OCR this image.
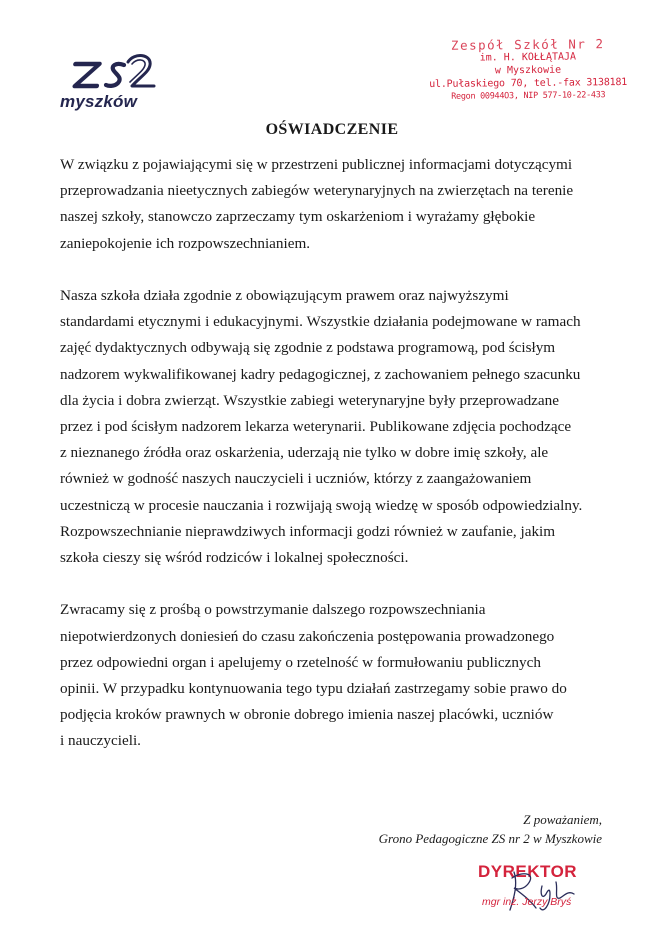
myszków
Zespół Szkół Nr 2
im. H. KOŁŁĄTAJA
w Myszkowie
ul.Pułaskiego 70, tel.-fax 3138181
Regon 00944O3, NIP 577-10-22-433
OŚWIADCZENIE

W związku z pojawiającymi się w przestrzeni publicznej informacjami dotyczącymi
przeprowadzania nieetycznych zabiegów weterynaryjnych na zwierzętach na terenie
naszej szkoły, stanowczo zaprzeczamy tym oskarżeniom i wyrażamy głębokie
zaniepokojenie ich rozpowszechnianiem.

Nasza szkoła działa zgodnie z obowiązującym prawem oraz najwyższymi
standardami etycznymi i edukacyjnymi. Wszystkie działania podejmowane w ramach
zajęć dydaktycznych odbywają się zgodnie z podstawa programową, pod ścisłym
nadzorem wykwalifikowanej kadry pedagogicznej, z zachowaniem pełnego szacunku
dla życia i dobra zwierząt. Wszystkie zabiegi weterynaryjne były przeprowadzane
przez i pod ścisłym nadzorem lekarza weterynarii. Publikowane zdjęcia pochodzące
z nieznanego źródła oraz oskarżenia, uderzają nie tylko w dobre imię szkoły, ale
również w godność naszych nauczycieli i uczniów, którzy z zaangażowaniem
uczestniczą w procesie nauczania i rozwijają swoją wiedzę w sposób odpowiedzialny.
Rozpowszechnianie nieprawdziwych informacji godzi również w zaufanie, jakim
szkoła cieszy się wśród rodziców i lokalnej społeczności.

Zwracamy się z prośbą o powstrzymanie dalszego rozpowszechniania
niepotwierdzonych doniesień do czasu zakończenia postępowania prowadzonego
przez odpowiedni organ i apelujemy o rzetelność w formułowaniu publicznych
opinii. W przypadku kontynuowania tego typu działań zastrzegamy sobie prawo do
podjęcia kroków prawnych w obronie dobrego imienia naszej placówki, uczniów
i nauczycieli.

Z poważaniem,
Grono Pedagogiczne ZS nr 2 w Myszkowie
DYREKTOR
mgr inż. Jerzy Bryś
